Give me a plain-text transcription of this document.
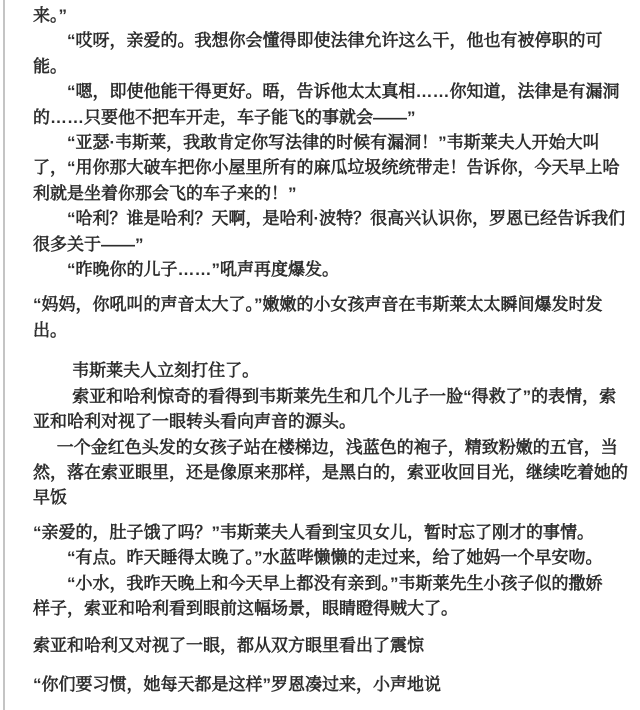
来。”
“哎呀，亲爱的。我想你会懂得即使法律允许这么干，他也有被停职的可
能。
“嗯，即使他能干得更好。晤，告诉他太太真相……你知道，法律是有漏洞
的……只要他不把车开走，车子能飞的事就会——”
“亚瑟·韦斯莱，我敢肯定你写法律的时候有漏洞！”韦斯莱夫人开始大叫
了，“用你那大破车把你小屋里所有的麻瓜垃圾统统带走！告诉你，今天早上哈
利就是坐着你那会飞的车子来的！”
“哈利？谁是哈利？天啊，是哈利·波特？很高兴认识你，罗恩已经告诉我们
很多关于——”
“昨晚你的儿子……”吼声再度爆发。
“妈妈，你吼叫的声音太大了。”嫩嫩的小女孩声音在韦斯莱太太瞬间爆发时发
出。
韦斯莱夫人立刻打住了。
索亚和哈利惊奇的看得到韦斯莱先生和几个儿子一脸“得救了”的表情，索
亚和哈利对视了一眼转头看向声音的源头。
一个金红色头发的女孩子站在楼梯边，浅蓝色的袍子，精致粉嫩的五官，当
然，落在索亚眼里，还是像原来那样，是黑白的，索亚收回目光，继续吃着她的
早饭
“亲爱的，肚子饿了吗？”韦斯莱夫人看到宝贝女儿，暂时忘了刚才的事情。
“有点。昨天睡得太晚了。”水蓝哔懒懒的走过来，给了她妈一个早安吻。
“小水，我昨天晚上和今天早上都没有亲到。”韦斯莱先生小孩子似的撒娇
样子，索亚和哈利看到眼前这幅场景，眼睛瞪得贼大了。
索亚和哈利又对视了一眼，都从双方眼里看出了震惊
“你们要习惯，她每天都是这样”罗恩凑过来，小声地说
